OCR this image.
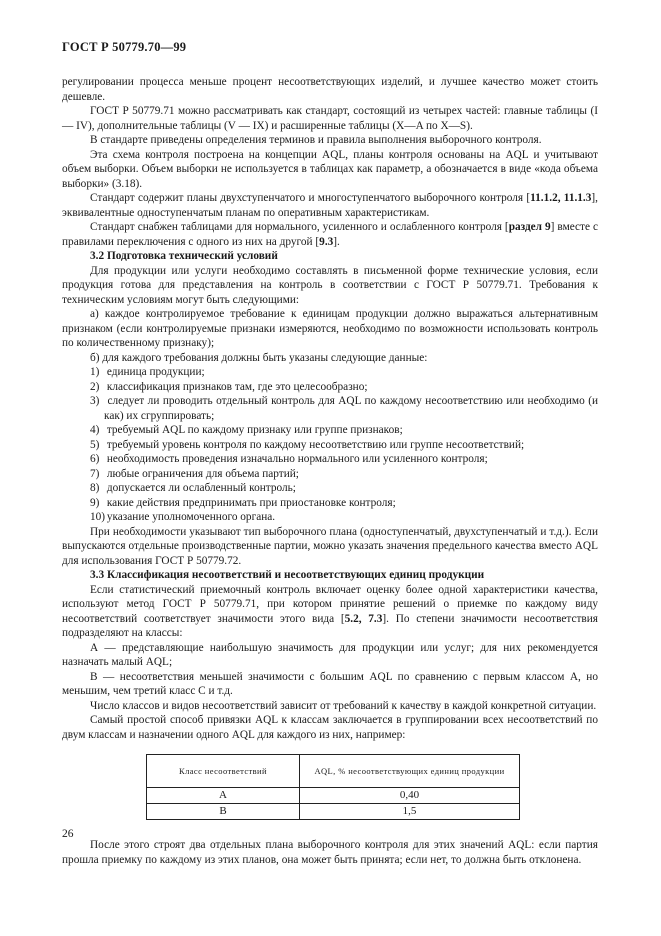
ГОСТ Р 50779.70—99

регулировании процесса меньше процент несоответствующих изделий, и лучшее качество может стоить дешевле.

ГОСТ Р 50779.71 можно рассматривать как стандарт, состоящий из четырех частей: главные таблицы (I — IV), дополнительные таблицы (V — IX) и расширенные таблицы (X—A по X—S).

В стандарте приведены определения терминов и правила выполнения выборочного контроля.

Эта схема контроля построена на концепции AQL, планы контроля основаны на AQL и учитывают объем выборки. Объем выборки не используется в таблицах как параметр, а обозначается в виде «кода объема выборки» (3.18).

Стандарт содержит планы двухступенчатого и многоступенчатого выборочного контроля [11.1.2, 11.1.3], эквивалентные одноступенчатым планам по оперативным характеристикам.

Стандарт снабжен таблицами для нормального, усиленного и ослабленного контроля [раздел 9] вместе с правилами переключения с одного из них на другой [9.3].

3.2 Подготовка технический условий

Для продукции или услуги необходимо составлять в письменной форме технические условия, если продукция готова для представления на контроль в соответствии с ГОСТ Р 50779.71. Требования к техническим условиям могут быть следующими:

а) каждое контролируемое требование к единицам продукции должно выражаться альтернативным признаком (если контролируемые признаки измеряются, необходимо по возможности использовать контроль по количественному признаку);

б) для каждого требования должны быть указаны следующие данные:

1) единица продукции;

2) классификация признаков там, где это целесообразно;

3) следует ли проводить отдельный контроль для AQL по каждому несоответствию или необходимо (и как) их сгруппировать;

4) требуемый AQL по каждому признаку или группе признаков;

5) требуемый уровень контроля по каждому несоответствию или группе несоответствий;

6) необходимость проведения изначально нормального или усиленного контроля;

7) любые ограничения для объема партий;

8) допускается ли ослабленный контроль;

9) какие действия предпринимать при приостановке контроля;

10) указание уполномоченного органа.

При необходимости указывают тип выборочного плана (одноступенчатый, двухступенчатый и т.д.). Если выпускаются отдельные производственные партии, можно указать значения предельного качества вместо AQL для использования ГОСТ Р 50779.72.

3.3 Классификация несоответствий и несоответствующих единиц продукции

Если статистический приемочный контроль включает оценку более одной характеристики качества, используют метод ГОСТ Р 50779.71, при котором принятие решений о приемке по каждому виду несоответствий соответствует значимости этого вида [5.2, 7.3]. По степени значимости несоответствия подразделяют на классы:

А — представляющие наибольшую значимость для продукции или услуг; для них рекомендуется назначать малый AQL;

В — несоответствия меньшей значимости с большим AQL по сравнению с первым классом А, но меньшим, чем третий класс С и т.д.

Число классов и видов несоответствий зависит от требований к качеству в каждой конкретной ситуации.

Самый простой способ привязки AQL к классам заключается в группировании всех несоответствий по двум классам и назначении одного AQL для каждого из них, например:

Класс несоответствий	AQL, % несоответствующих единиц продукции
А	0,40
В	1,5

После этого строят два отдельных плана выборочного контроля для этих значений AQL: если партия прошла приемку по каждому из этих планов, она может быть принята; если нет, то должна быть отклонена.

26
